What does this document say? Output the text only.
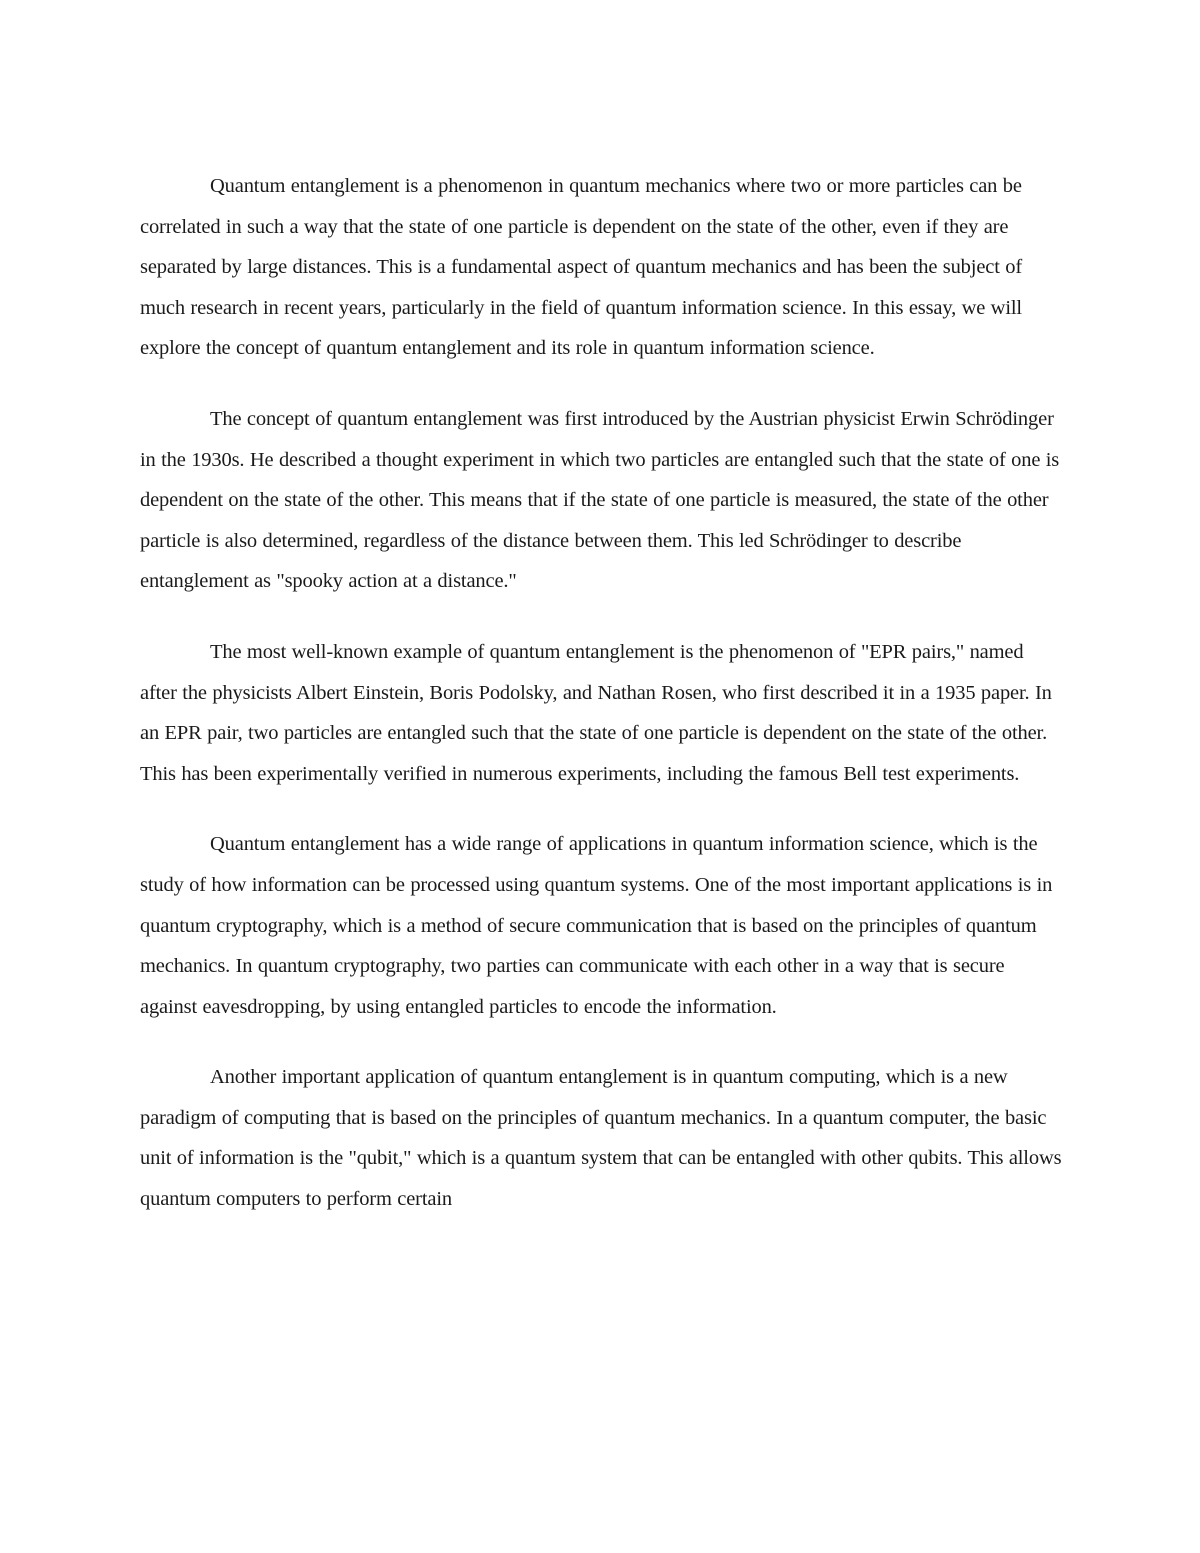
Quantum entanglement is a phenomenon in quantum mechanics where two or more particles can be correlated in such a way that the state of one particle is dependent on the state of the other, even if they are separated by large distances. This is a fundamental aspect of quantum mechanics and has been the subject of much research in recent years, particularly in the field of quantum information science. In this essay, we will explore the concept of quantum entanglement and its role in quantum information science.

The concept of quantum entanglement was first introduced by the Austrian physicist Erwin Schrödinger in the 1930s. He described a thought experiment in which two particles are entangled such that the state of one is dependent on the state of the other. This means that if the state of one particle is measured, the state of the other particle is also determined, regardless of the distance between them. This led Schrödinger to describe entanglement as "spooky action at a distance."

The most well-known example of quantum entanglement is the phenomenon of "EPR pairs," named after the physicists Albert Einstein, Boris Podolsky, and Nathan Rosen, who first described it in a 1935 paper. In an EPR pair, two particles are entangled such that the state of one particle is dependent on the state of the other. This has been experimentally verified in numerous experiments, including the famous Bell test experiments.

Quantum entanglement has a wide range of applications in quantum information science, which is the study of how information can be processed using quantum systems. One of the most important applications is in quantum cryptography, which is a method of secure communication that is based on the principles of quantum mechanics. In quantum cryptography, two parties can communicate with each other in a way that is secure against eavesdropping, by using entangled particles to encode the information.

Another important application of quantum entanglement is in quantum computing, which is a new paradigm of computing that is based on the principles of quantum mechanics. In a quantum computer, the basic unit of information is the "qubit," which is a quantum system that can be entangled with other qubits. This allows quantum computers to perform certain
